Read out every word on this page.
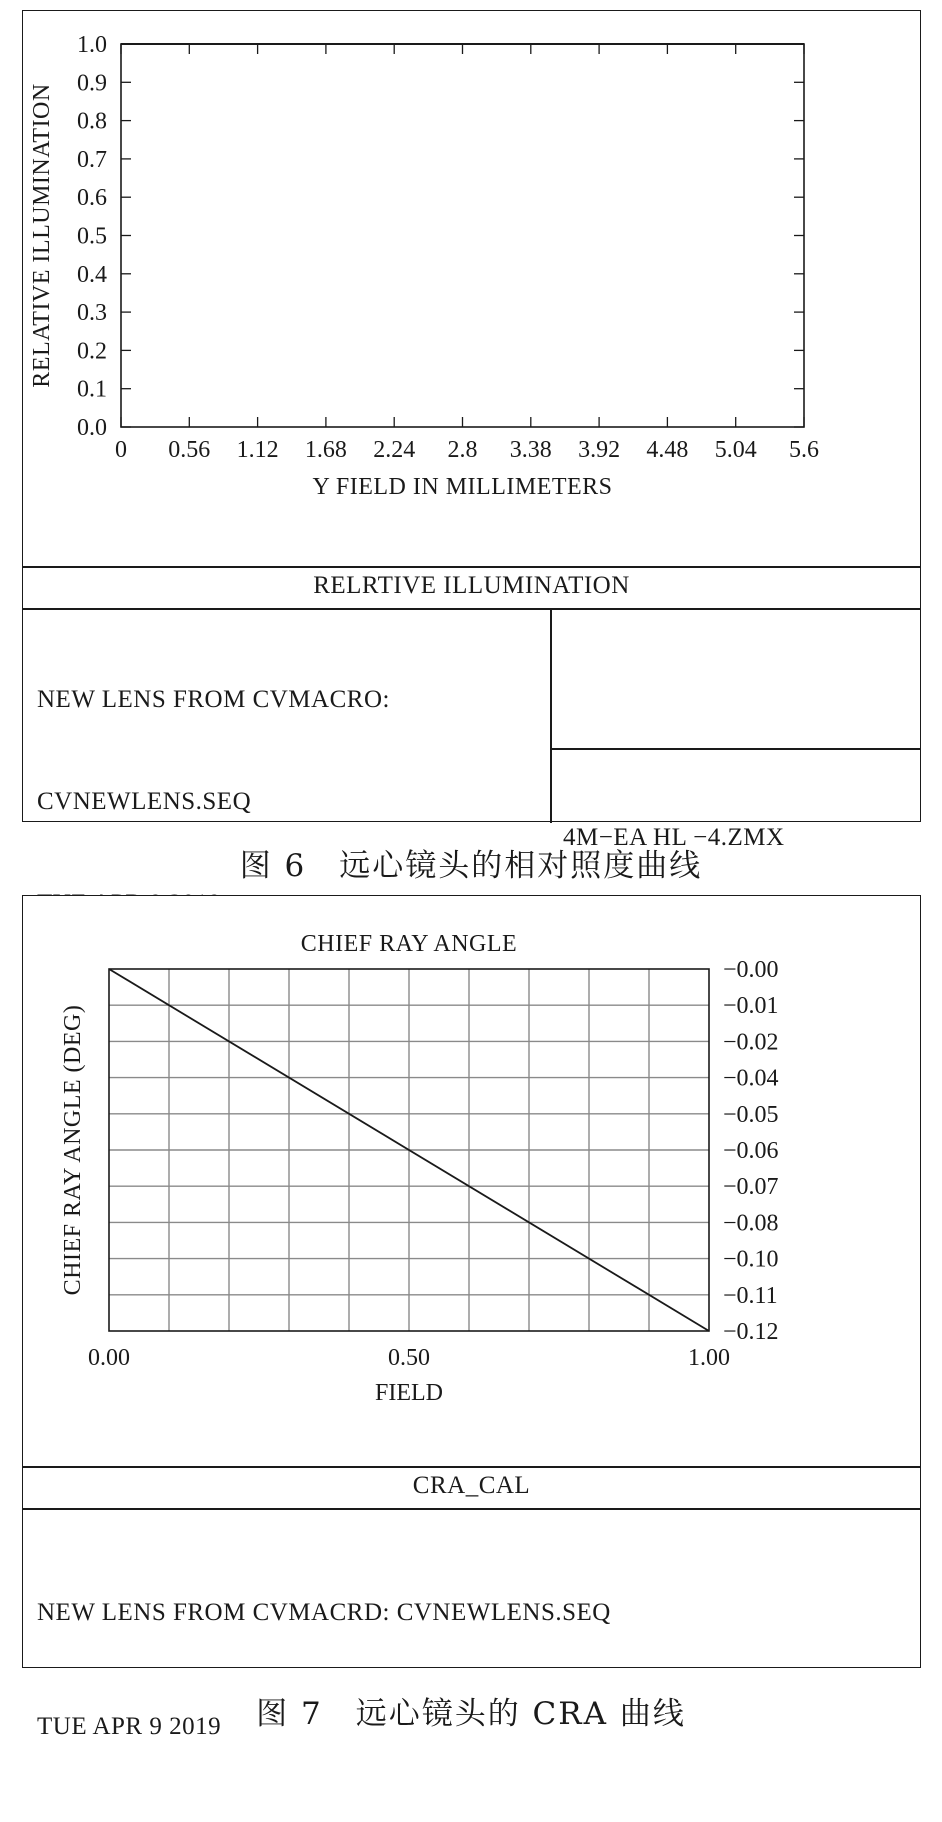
0 0.56 1.12 1.68 2.24 2.8 3.38 3.92 4.48 5.04 5.6
0.0
0.1
0.2
0.3
0.4
0.5
0.6
0.7
0.8
0.9
1.0
Y FIELD IN MILLIMETERS
RELATIVE ILLUMINATION
RELRTIVE ILLUMINATION

NEW LENS FROM CVMACRO:

CVNEWLENS.SEQ

4M−EA HL −4.ZMX

图 6　远心镜头的相对照度曲线
CHIEF RAY ANGLE
−0.00
−0.01
−0.02
−0.04
−0.05
−0.06
−0.07
−0.08
−0.10
−0.11
−0.12
0.00	0.50	1.00
FIELD
CHIEF RAY ANGLE (DEG)
CRA_CAL

NEW LENS FROM CVMACRD: CVNEWLENS.SEQ

TUE APR 9 2019

	图 7　远心镜头的 CRA 曲线
